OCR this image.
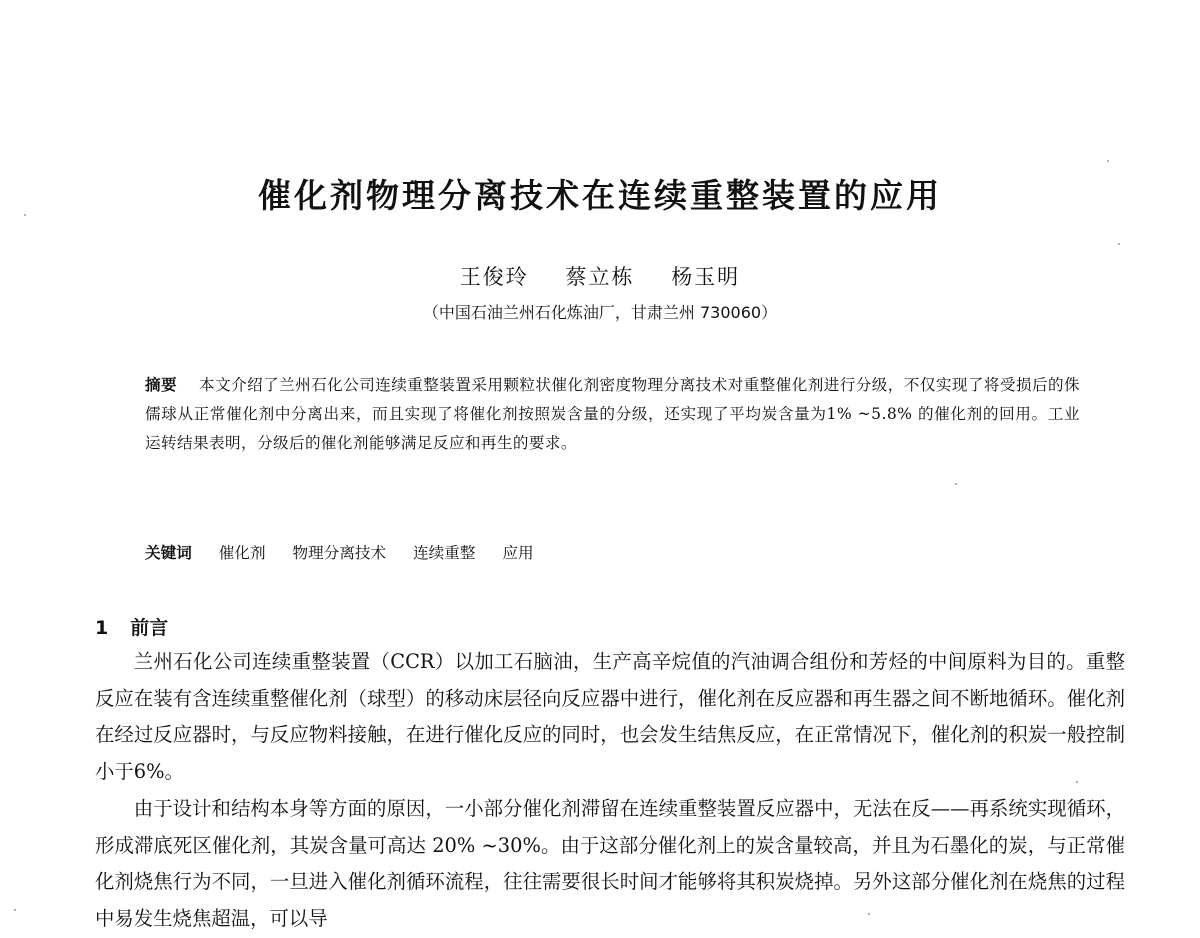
催化剂物理分离技术在连续重整装置的应用
王俊玲 蔡立栋 杨玉明
（中国石油兰州石化炼油厂，甘肃兰州 730060）
摘要 本文介绍了兰州石化公司连续重整装置采用颗粒状催化剂密度物理分离技术对重整催化剂进行分级，不仅实现了将受损后的侏儒球从正常催化剂中分离出来，而且实现了将催化剂按照炭含量的分级，还实现了平均炭含量为1% ~5.8% 的催化剂的回用。工业运转结果表明，分级后的催化剂能够满足反应和再生的要求。
关键词 催化剂 物理分离技术 连续重整 应用
1 前言

兰州石化公司连续重整装置（CCR）以加工石脑油，生产高辛烷值的汽油调合组份和芳烃的中间原料为目的。重整反应在装有含连续重整催化剂（球型）的移动床层径向反应器中进行，催化剂在反应器和再生器之间不断地循环。催化剂在经过反应器时，与反应物料接触，在进行催化反应的同时，也会发生结焦反应，在正常情况下，催化剂的积炭一般控制小于6%。

由于设计和结构本身等方面的原因，一小部分催化剂滞留在连续重整装置反应器中，无法在反——再系统实现循环，形成滞底死区催化剂，其炭含量可高达 20% ~30%。由于这部分催化剂上的炭含量较高，并且为石墨化的炭，与正常催化剂烧焦行为不同，一旦进入催化剂循环流程，往往需要很长时间才能够将其积炭烧掉。另外这部分催化剂在烧焦的过程中易发生烧焦超温，可以导
